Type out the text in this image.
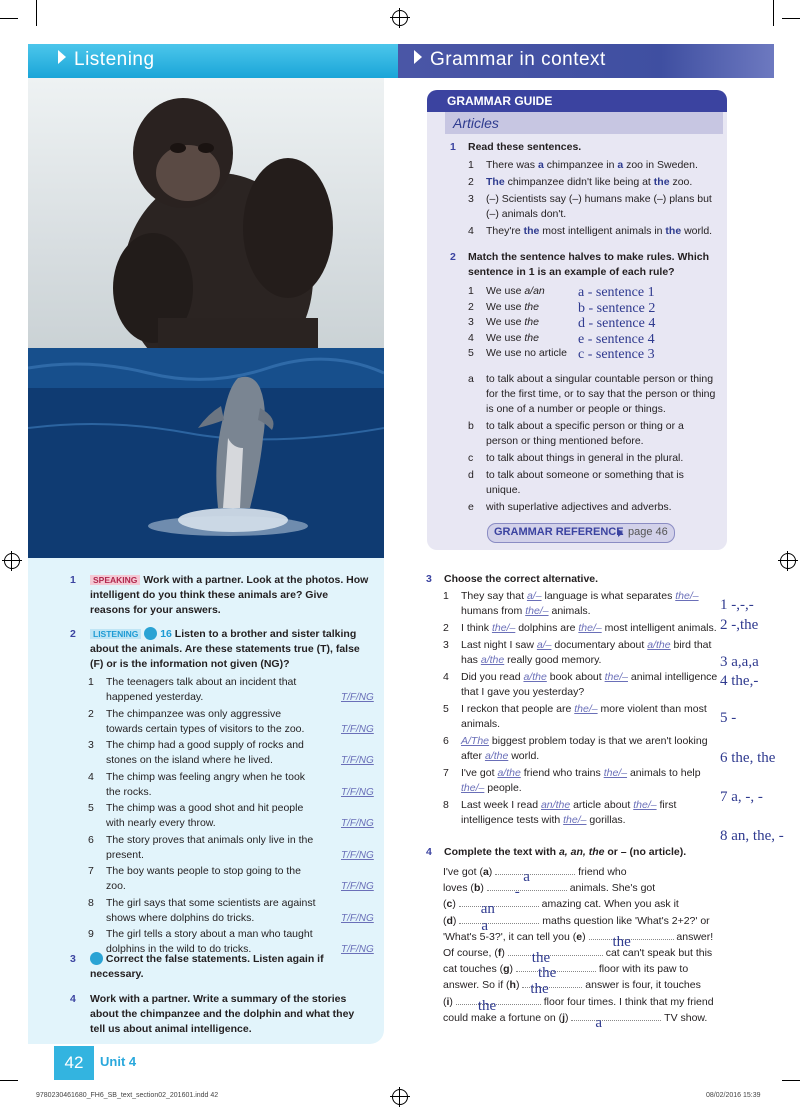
Listening	Grammar in context
1	SPEAKING Work with a partner. Look at the photos. How intelligent do you think these animals are? Give reasons for your answers.
2	LISTENING 16 Listen to a brother and sister talking about the animals. Are these statements true (T), false (F) or is the information not given (NG)?
1 The teenagers talk about an incident that happened yesterday.	T/F/NG
2 The chimpanzee was only aggressive towards certain types of visitors to the zoo.	T/F/NG
3 The chimp had a good supply of rocks and stones on the island where he lived.	T/F/NG
4 The chimp was feeling angry when he took the rocks.	T/F/NG
5 The chimp was a good shot and hit people with nearly every throw.	T/F/NG
6 The story proves that animals only live in the present.	T/F/NG
7 The boy wants people to stop going to the zoo.	T/F/NG
8 The girl says that some scientists are against shows where dolphins do tricks.	T/F/NG
9 The girl tells a story about a man who taught dolphins in the wild to do tricks.	T/F/NG
3	Correct the false statements. Listen again if necessary.
4 Work with a partner. Write a summary of the stories about the chimpanzee and the dolphin and what they tell us about animal intelligence.
GRAMMAR GUIDE
Articles
1 Read these sentences.
1 There was a chimpanzee in a zoo in Sweden.
2 The chimpanzee didn't like being at the zoo.
3 (–) Scientists say (–) humans make (–) plans but (–) animals don't.
4 They're the most intelligent animals in the world.
2 Match the sentence halves to make rules. Which sentence in 1 is an example of each rule?
1 We use a/an a - sentence 1
2 We use the	b - sentence 2
3 We use the	d - sentence 4
4 We use the	e - sentence 4
5 We use no article c - sentence 3
a to talk about a singular countable person or thing for the first time, or to say that the person or thing is one of a number or people or things.
b to talk about a specific person or thing or a person or thing mentioned before.
c to talk about things in general in the plural.
d to talk about someone or something that is unique.
e with superlative adjectives and adverbs.
GRAMMAR REFERENCE page 46
3 Choose the correct alternative.
1 They say that a/– language is what separates the/– humans from the/– animals.
2 I think the/– dolphins are the/– most intelligent animals.
3 Last night I saw a/– documentary about a/the bird that has a/the really good memory.
4 Did you read a/the book about the/– animal intelligence that I gave you yesterday?
5 I reckon that people are the/– more violent than most animals.
6 A/The biggest problem today is that we aren't looking after a/the world.
7 I've got a/the friend who trains the/– animals to help the/– people.
8 Last week I read an/the article about the/– first intelligence tests with the/– gorillas.
1 -,-,-
2 -,the
3 a,a,a
4 the,-
5 -
6 the, the
7 a, -, -
8 an, the, -
4 Complete the text with a, an, the or – (no article).
I've got (a) a	friend who
loves (b) -	animals. She's got
(c) an	amazing cat. When you ask it
(d) a	maths question like 'What's 2+2?' or
'What's 5-3?', it can tell you (e) the	answer!
Of course, (f) the	cat can't speak but this
cat touches (g) the	floor with its paw to
answer. So if (h) the	answer is four, it touches
(i) the	floor four times. I think that my friend
could make a fortune on (j) a	TV show.
42	Unit 4
9780230461680_FH6_SB_text_section02_201601.indd 42	08/02/2016 15:39
